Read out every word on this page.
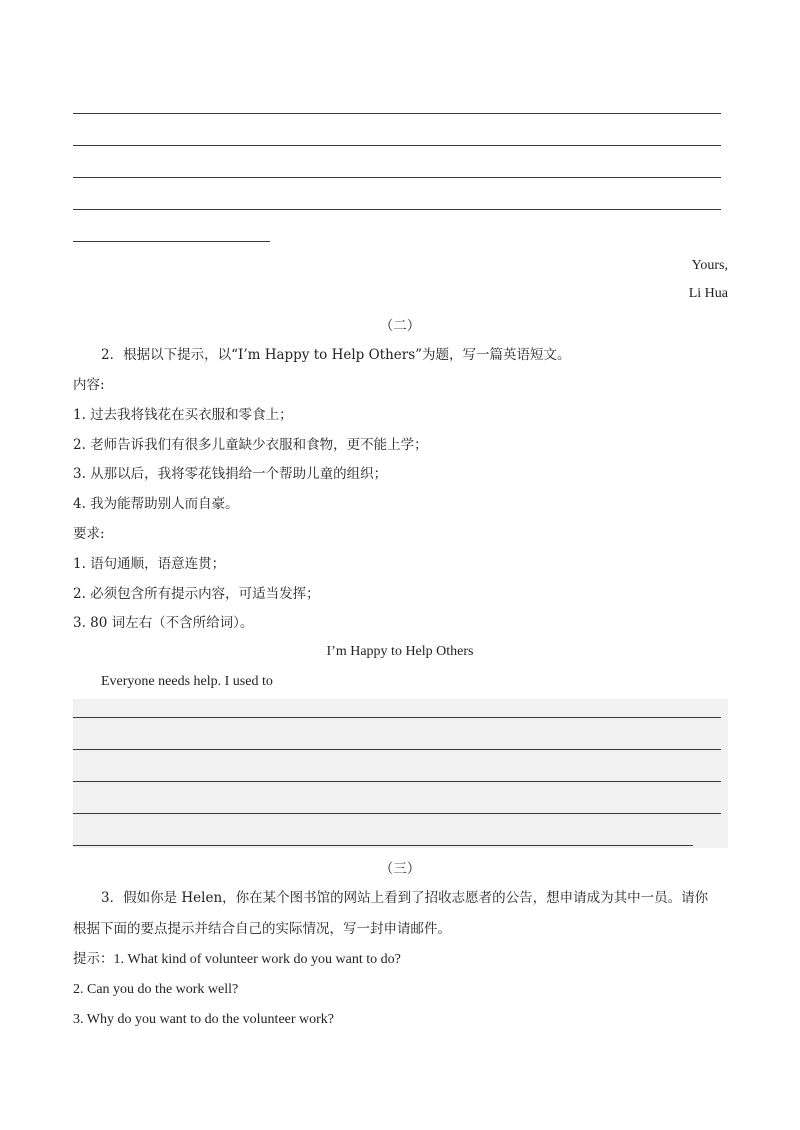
Yours,
Li Hua
（二）
2．根据以下提示，以“I’m Happy to Help Others”为题，写一篇英语短文。
内容:
1. 过去我将钱花在买衣服和零食上；
2. 老师告诉我们有很多儿童缺少衣服和食物，更不能上学；
3. 从那以后，我将零花钱捐给一个帮助儿童的组织；
4. 我为能帮助别人而自豪。
要求:
1. 语句通顺，语意连贯；
2. 必须包含所有提示内容，可适当发挥；
3. 80 词左右（不含所给词）。
I’m Happy to Help Others
Everyone needs help. I used to
（三）
3．假如你是 Helen，你在某个图书馆的网站上看到了招收志愿者的公告，想申请成为其中一员。请你
根据下面的要点提示并结合自己的实际情况，写一封申请邮件。
提示：1. What kind of volunteer work do you want to do?
2. Can you do the work well?
3. Why do you want to do the volunteer work?
